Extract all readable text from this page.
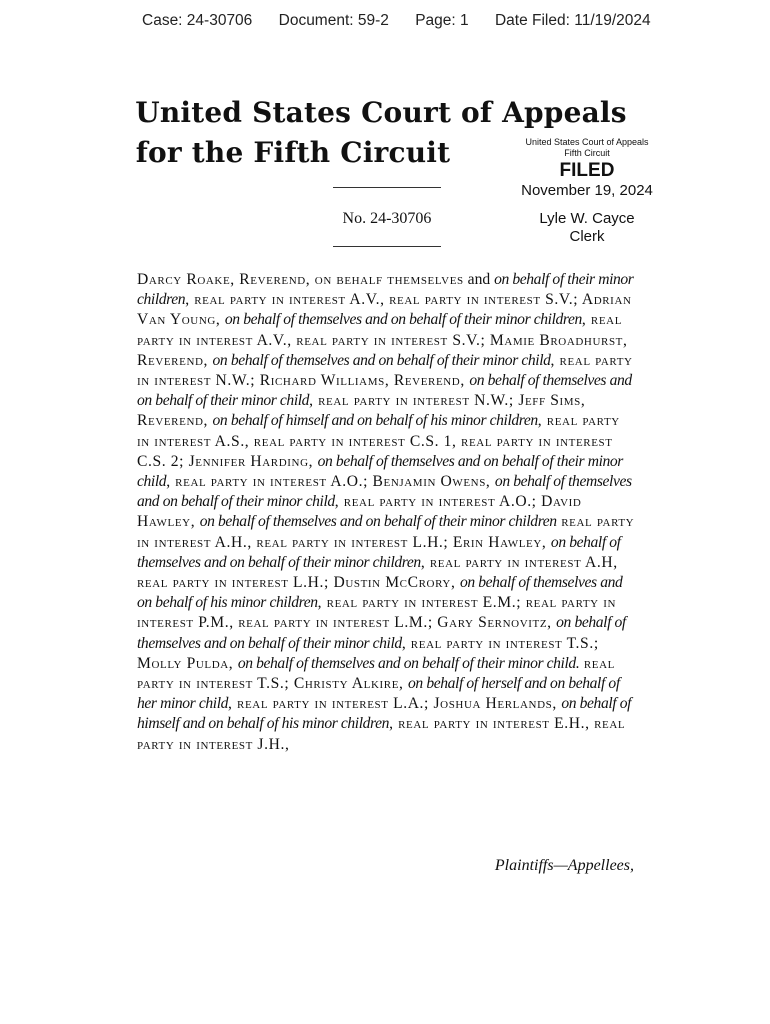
Case: 24-30706 Document: 59-2 Page: 1 Date Filed: 11/19/2024
United States Court of Appeals
for the Fifth Circuit	United States Court of Appeals
Fifth Circuit
FILED
November 19, 2024
Lyle W. Cayce
Clerk
No. 24-30706
Darcy Roake, Reverend, on behalf themselves and on behalf of their minor children, real party in interest A.V., real party in interest S.V.; Adrian Van Young, on behalf of themselves and on behalf of their minor children, real party in interest A.V., real party in interest S.V.; Mamie Broadhurst, Reverend, on behalf of themselves and on behalf of their minor child, real party in interest N.W.; Richard Williams, Reverend, on behalf of themselves and on behalf of their minor child, real party in interest N.W.; Jeff Sims, Reverend, on behalf of himself and on behalf of his minor children, real party in interest A.S., real party in interest C.S. 1, real party in interest C.S. 2; Jennifer Harding, on behalf of themselves and on behalf of their minor child, real party in interest A.O.; Benjamin Owens, on behalf of themselves and on behalf of their minor child, real party in interest A.O.; David Hawley, on behalf of themselves and on behalf of their minor children real party in interest A.H., real party in interest L.H.; Erin Hawley, on behalf of themselves and on behalf of their minor children, real party in interest A.H, real party in interest L.H.; Dustin McCrory, on behalf of themselves and on behalf of his minor children, real party in interest E.M.; real party in interest P.M., real party in interest L.M.; Gary Sernovitz, on behalf of themselves and on behalf of their minor child, real party in interest T.S.; Molly Pulda, on behalf of themselves and on behalf of their minor child. real party in interest T.S.; Christy Alkire, on behalf of herself and on behalf of her minor child, real party in interest L.A.; Joshua Herlands, on behalf of himself and on behalf of his minor children, real party in interest E.H., real party in interest J.H.,
Plaintiffs—Appellees,
